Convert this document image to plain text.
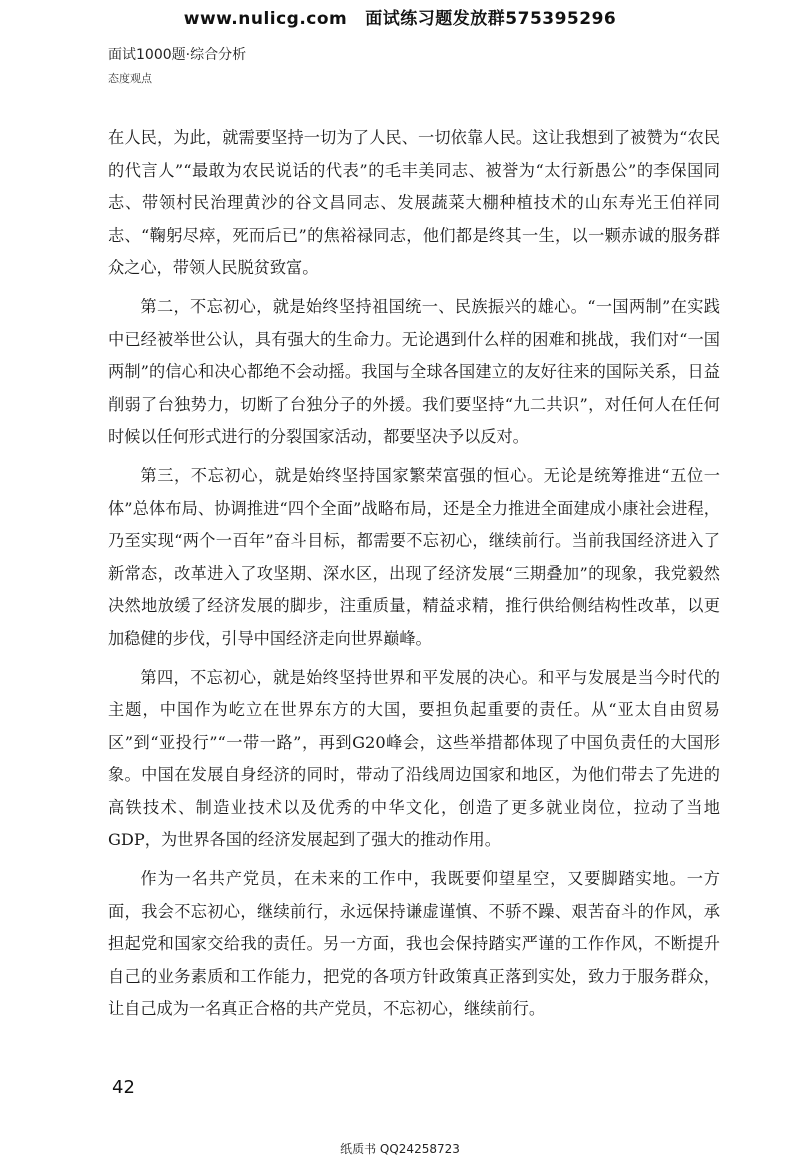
www.nulicg.com 面试练习题发放群575395296
面试1000题·综合分析
态度观点

在人民，为此，就需要坚持一切为了人民、一切依靠人民。这让我想到了被赞为“农民的代言人”“最敢为农民说话的代表”的毛丰美同志、被誉为“太行新愚公”的李保国同志、带领村民治理黄沙的谷文昌同志、发展蔬菜大棚种植技术的山东寿光王伯祥同志、“鞠躬尽瘁，死而后已”的焦裕禄同志，他们都是终其一生，以一颗赤诚的服务群众之心，带领人民脱贫致富。

第二，不忘初心，就是始终坚持祖国统一、民族振兴的雄心。“一国两制”在实践中已经被举世公认，具有强大的生命力。无论遇到什么样的困难和挑战，我们对“一国两制”的信心和决心都绝不会动摇。我国与全球各国建立的友好往来的国际关系，日益削弱了台独势力，切断了台独分子的外援。我们要坚持“九二共识”，对任何人在任何时候以任何形式进行的分裂国家活动，都要坚决予以反对。

第三，不忘初心，就是始终坚持国家繁荣富强的恒心。无论是统筹推进“五位一体”总体布局、协调推进“四个全面”战略布局，还是全力推进全面建成小康社会进程，乃至实现“两个一百年”奋斗目标，都需要不忘初心，继续前行。当前我国经济进入了新常态，改革进入了攻坚期、深水区，出现了经济发展“三期叠加”的现象，我党毅然决然地放缓了经济发展的脚步，注重质量，精益求精，推行供给侧结构性改革，以更加稳健的步伐，引导中国经济走向世界巅峰。

第四，不忘初心，就是始终坚持世界和平发展的决心。和平与发展是当今时代的主题，中国作为屹立在世界东方的大国，要担负起重要的责任。从“亚太自由贸易区”到“亚投行”“一带一路”，再到G20峰会，这些举措都体现了中国负责任的大国形象。中国在发展自身经济的同时，带动了沿线周边国家和地区，为他们带去了先进的高铁技术、制造业技术以及优秀的中华文化，创造了更多就业岗位，拉动了当地GDP，为世界各国的经济发展起到了强大的推动作用。

作为一名共产党员，在未来的工作中，我既要仰望星空，又要脚踏实地。一方面，我会不忘初心，继续前行，永远保持谦虚谨慎、不骄不躁、艰苦奋斗的作风，承担起党和国家交给我的责任。另一方面，我也会保持踏实严谨的工作作风，不断提升自己的业务素质和工作能力，把党的各项方针政策真正落到实处，致力于服务群众，让自己成为一名真正合格的共产党员，不忘初心，继续前行。

42
纸质书 QQ24258723
